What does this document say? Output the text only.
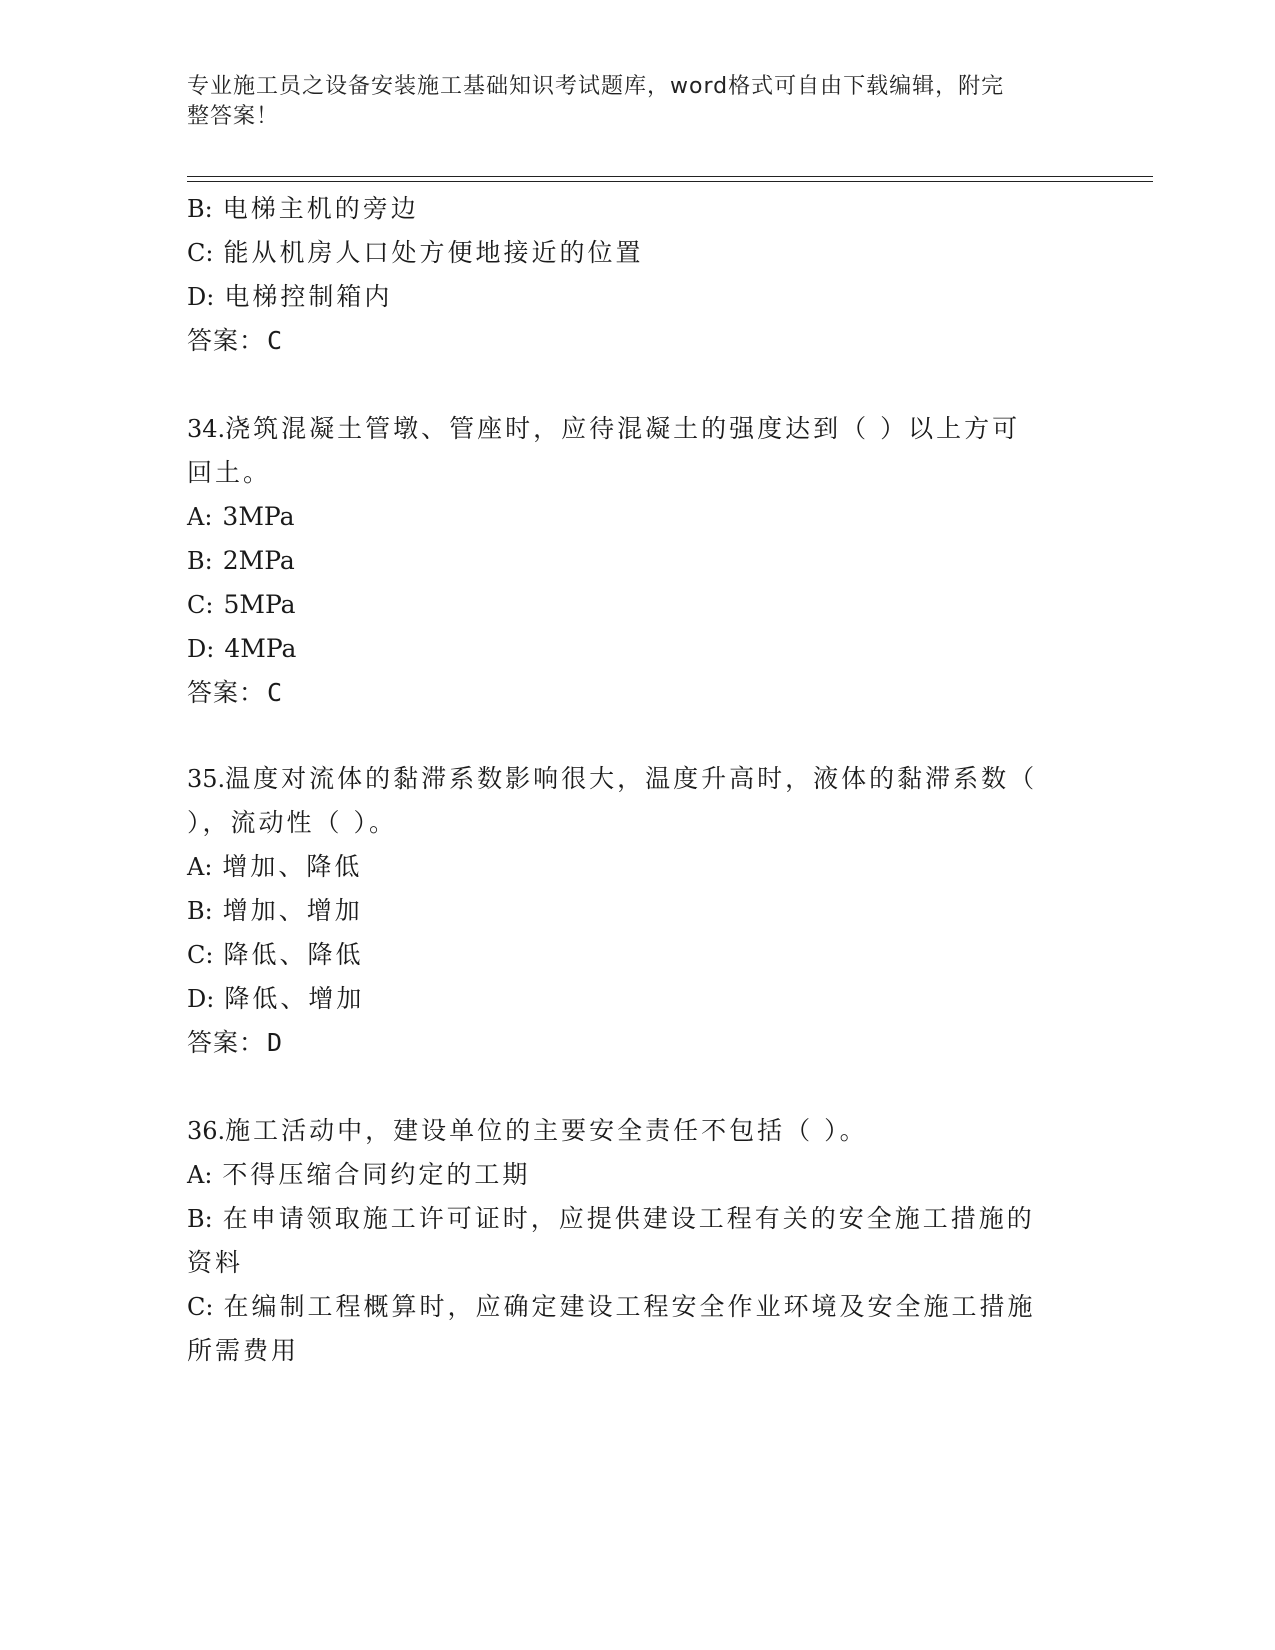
专业施工员之设备安装施工基础知识考试题库，word格式可自由下载编辑，附完
整答案！
B: 电梯主机的旁边
C: 能从机房人口处方便地接近的位置
D: 电梯控制箱内
答案：C
34.浇筑混凝土管墩、管座时，应待混凝土的强度达到（ ）以上方可
回土。
A: 3MPa
B: 2MPa
C: 5MPa
D: 4MPa
答案：C
35.温度对流体的黏滞系数影响很大，温度升高时，液体的黏滞系数（
），流动性（ ）。
A: 增加、降低
B: 增加、增加
C: 降低、降低
D: 降低、增加
答案：D
36.施工活动中，建设单位的主要安全责任不包括（ ）。
A: 不得压缩合同约定的工期
B: 在申请领取施工许可证时，应提供建设工程有关的安全施工措施的
资料
C: 在编制工程概算时，应确定建设工程安全作业环境及安全施工措施
所需费用
